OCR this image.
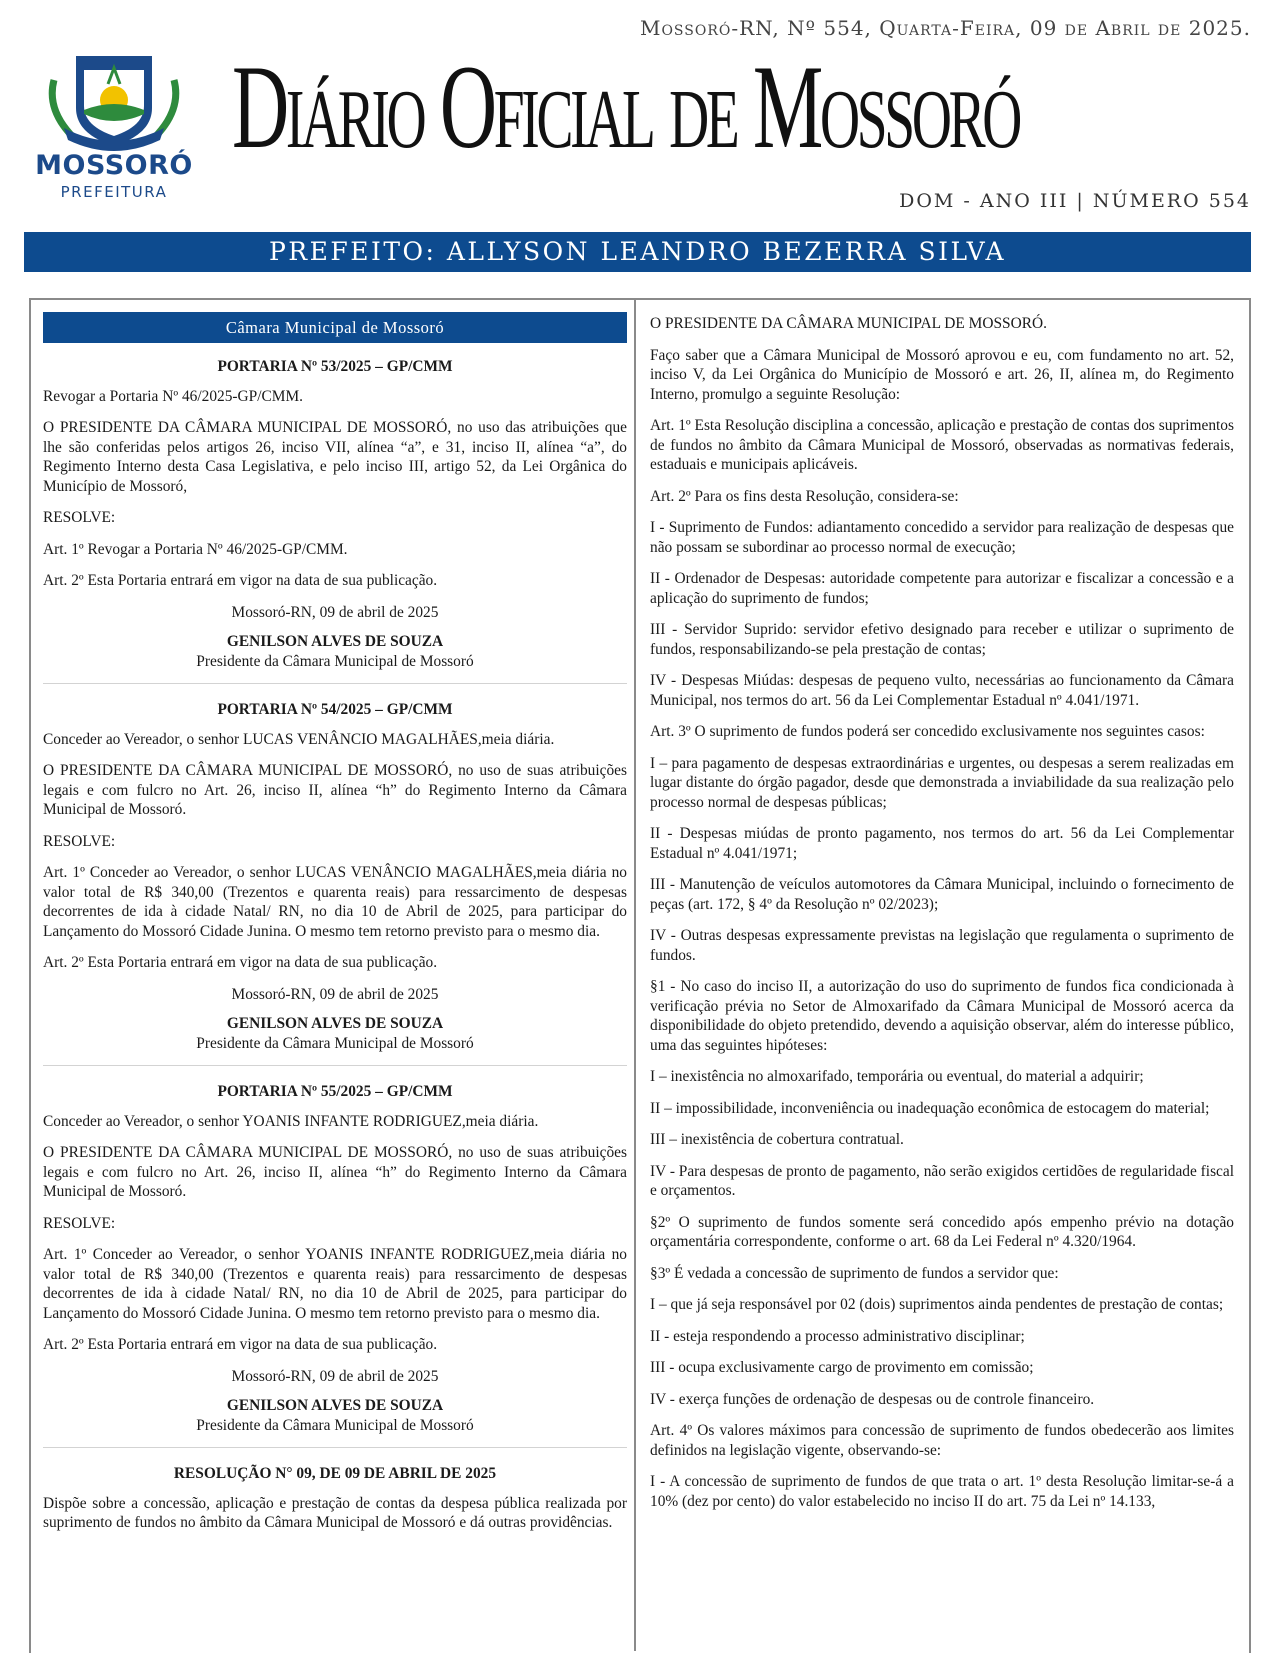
MOSSORÓ
PREFEITURA
Mossoró-RN, Nº 554, Quarta-Feira, 09 de Abril de 2025.
Diário Oficial de Mossoró
DOM - ANO III | NÚMERO 554
PREFEITO: ALLYSON LEANDRO BEZERRA SILVA
Câmara Municipal de Mossoró

PORTARIA Nº 53/2025 – GP/CMM

Revogar a Portaria Nº 46/2025-GP/CMM.

O PRESIDENTE DA CÂMARA MUNICIPAL DE MOSSORÓ, no uso das atribuições que lhe são conferidas pelos artigos 26, inciso VII, alínea “a”, e 31, inciso II, alínea “a”, do Regimento Interno desta Casa Legislativa, e pelo inciso III, artigo 52, da Lei Orgânica do Município de Mossoró,

RESOLVE:

Art. 1º Revogar a Portaria Nº 46/2025-GP/CMM.

Art. 2º Esta Portaria entrará em vigor na data de sua publicação.

Mossoró-RN, 09 de abril de 2025

GENILSON ALVES DE SOUZA

Presidente da Câmara Municipal de Mossoró

PORTARIA Nº 54/2025 – GP/CMM

Conceder ao Vereador, o senhor LUCAS VENÂNCIO MAGALHÃES,meia diária.

O PRESIDENTE DA CÂMARA MUNICIPAL DE MOSSORÓ, no uso de suas atribuições legais e com fulcro no Art. 26, inciso II, alínea “h” do Regimento Interno da Câmara Municipal de Mossoró.

RESOLVE:

Art. 1º Conceder ao Vereador, o senhor LUCAS VENÂNCIO MAGALHÃES,meia diária no valor total de R$ 340,00 (Trezentos e quarenta reais) para ressarcimento de despesas decorrentes de ida à cidade Natal/ RN, no dia 10 de Abril de 2025, para participar do Lançamento do Mossoró Cidade Junina. O mesmo tem retorno previsto para o mesmo dia.

Art. 2º Esta Portaria entrará em vigor na data de sua publicação.

Mossoró-RN, 09 de abril de 2025

GENILSON ALVES DE SOUZA

Presidente da Câmara Municipal de Mossoró

PORTARIA Nº 55/2025 – GP/CMM

Conceder ao Vereador, o senhor YOANIS INFANTE RODRIGUEZ,meia diária.

O PRESIDENTE DA CÂMARA MUNICIPAL DE MOSSORÓ, no uso de suas atribuições legais e com fulcro no Art. 26, inciso II, alínea “h” do Regimento Interno da Câmara Municipal de Mossoró.

RESOLVE:

Art. 1º Conceder ao Vereador, o senhor YOANIS INFANTE RODRIGUEZ,meia diária no valor total de R$ 340,00 (Trezentos e quarenta reais) para ressarcimento de despesas decorrentes de ida à cidade Natal/ RN, no dia 10 de Abril de 2025, para participar do Lançamento do Mossoró Cidade Junina. O mesmo tem retorno previsto para o mesmo dia.

Art. 2º Esta Portaria entrará em vigor na data de sua publicação.

Mossoró-RN, 09 de abril de 2025

GENILSON ALVES DE SOUZA

Presidente da Câmara Municipal de Mossoró

RESOLUÇÃO N° 09, DE 09 DE ABRIL DE 2025

Dispõe sobre a concessão, aplicação e prestação de contas da despesa pública realizada por suprimento de fundos no âmbito da Câmara Municipal de Mossoró e dá outras providências.

O PRESIDENTE DA CÂMARA MUNICIPAL DE MOSSORÓ.

Faço saber que a Câmara Municipal de Mossoró aprovou e eu, com fundamento no art. 52, inciso V, da Lei Orgânica do Município de Mossoró e art. 26, II, alínea m, do Regimento Interno, promulgo a seguinte Resolução:

Art. 1º Esta Resolução disciplina a concessão, aplicação e prestação de contas dos suprimentos de fundos no âmbito da Câmara Municipal de Mossoró, observadas as normativas federais, estaduais e municipais aplicáveis.

Art. 2º Para os fins desta Resolução, considera-se:

I - Suprimento de Fundos: adiantamento concedido a servidor para realização de despesas que não possam se subordinar ao processo normal de execução;

II - Ordenador de Despesas: autoridade competente para autorizar e fiscalizar a concessão e a aplicação do suprimento de fundos;

III - Servidor Suprido: servidor efetivo designado para receber e utilizar o suprimento de fundos, responsabilizando-se pela prestação de contas;

IV - Despesas Miúdas: despesas de pequeno vulto, necessárias ao funcionamento da Câmara Municipal, nos termos do art. 56 da Lei Complementar Estadual nº 4.041/1971.

Art. 3º O suprimento de fundos poderá ser concedido exclusivamente nos seguintes casos:

I – para pagamento de despesas extraordinárias e urgentes, ou despesas a serem realizadas em lugar distante do órgão pagador, desde que demonstrada a inviabilidade da sua realização pelo processo normal de despesas públicas;

II - Despesas miúdas de pronto pagamento, nos termos do art. 56 da Lei Complementar Estadual nº 4.041/1971;

III - Manutenção de veículos automotores da Câmara Municipal, incluindo o fornecimento de peças (art. 172, § 4º da Resolução nº 02/2023);

IV - Outras despesas expressamente previstas na legislação que regulamenta o suprimento de fundos.

§1 - No caso do inciso II, a autorização do uso do suprimento de fundos fica condicionada à verificação prévia no Setor de Almoxarifado da Câmara Municipal de Mossoró acerca da disponibilidade do objeto pretendido, devendo a aquisição observar, além do interesse público, uma das seguintes hipóteses:

I – inexistência no almoxarifado, temporária ou eventual, do material a adquirir;

II – impossibilidade, inconveniência ou inadequação econômica de estocagem do material;

III – inexistência de cobertura contratual.

IV - Para despesas de pronto de pagamento, não serão exigidos certidões de regularidade fiscal e orçamentos.

§2º O suprimento de fundos somente será concedido após empenho prévio na dotação orçamentária correspondente, conforme o art. 68 da Lei Federal nº 4.320/1964.

§3º É vedada a concessão de suprimento de fundos a servidor que:

I – que já seja responsável por 02 (dois) suprimentos ainda pendentes de prestação de contas;

II - esteja respondendo a processo administrativo disciplinar;

III - ocupa exclusivamente cargo de provimento em comissão;

IV - exerça funções de ordenação de despesas ou de controle financeiro.

Art. 4º Os valores máximos para concessão de suprimento de fundos obedecerão aos limites definidos na legislação vigente, observando-se:

I - A concessão de suprimento de fundos de que trata o art. 1º desta Resolução limitar-se-á a 10% (dez por cento) do valor estabelecido no inciso II do art. 75 da Lei nº 14.133,
